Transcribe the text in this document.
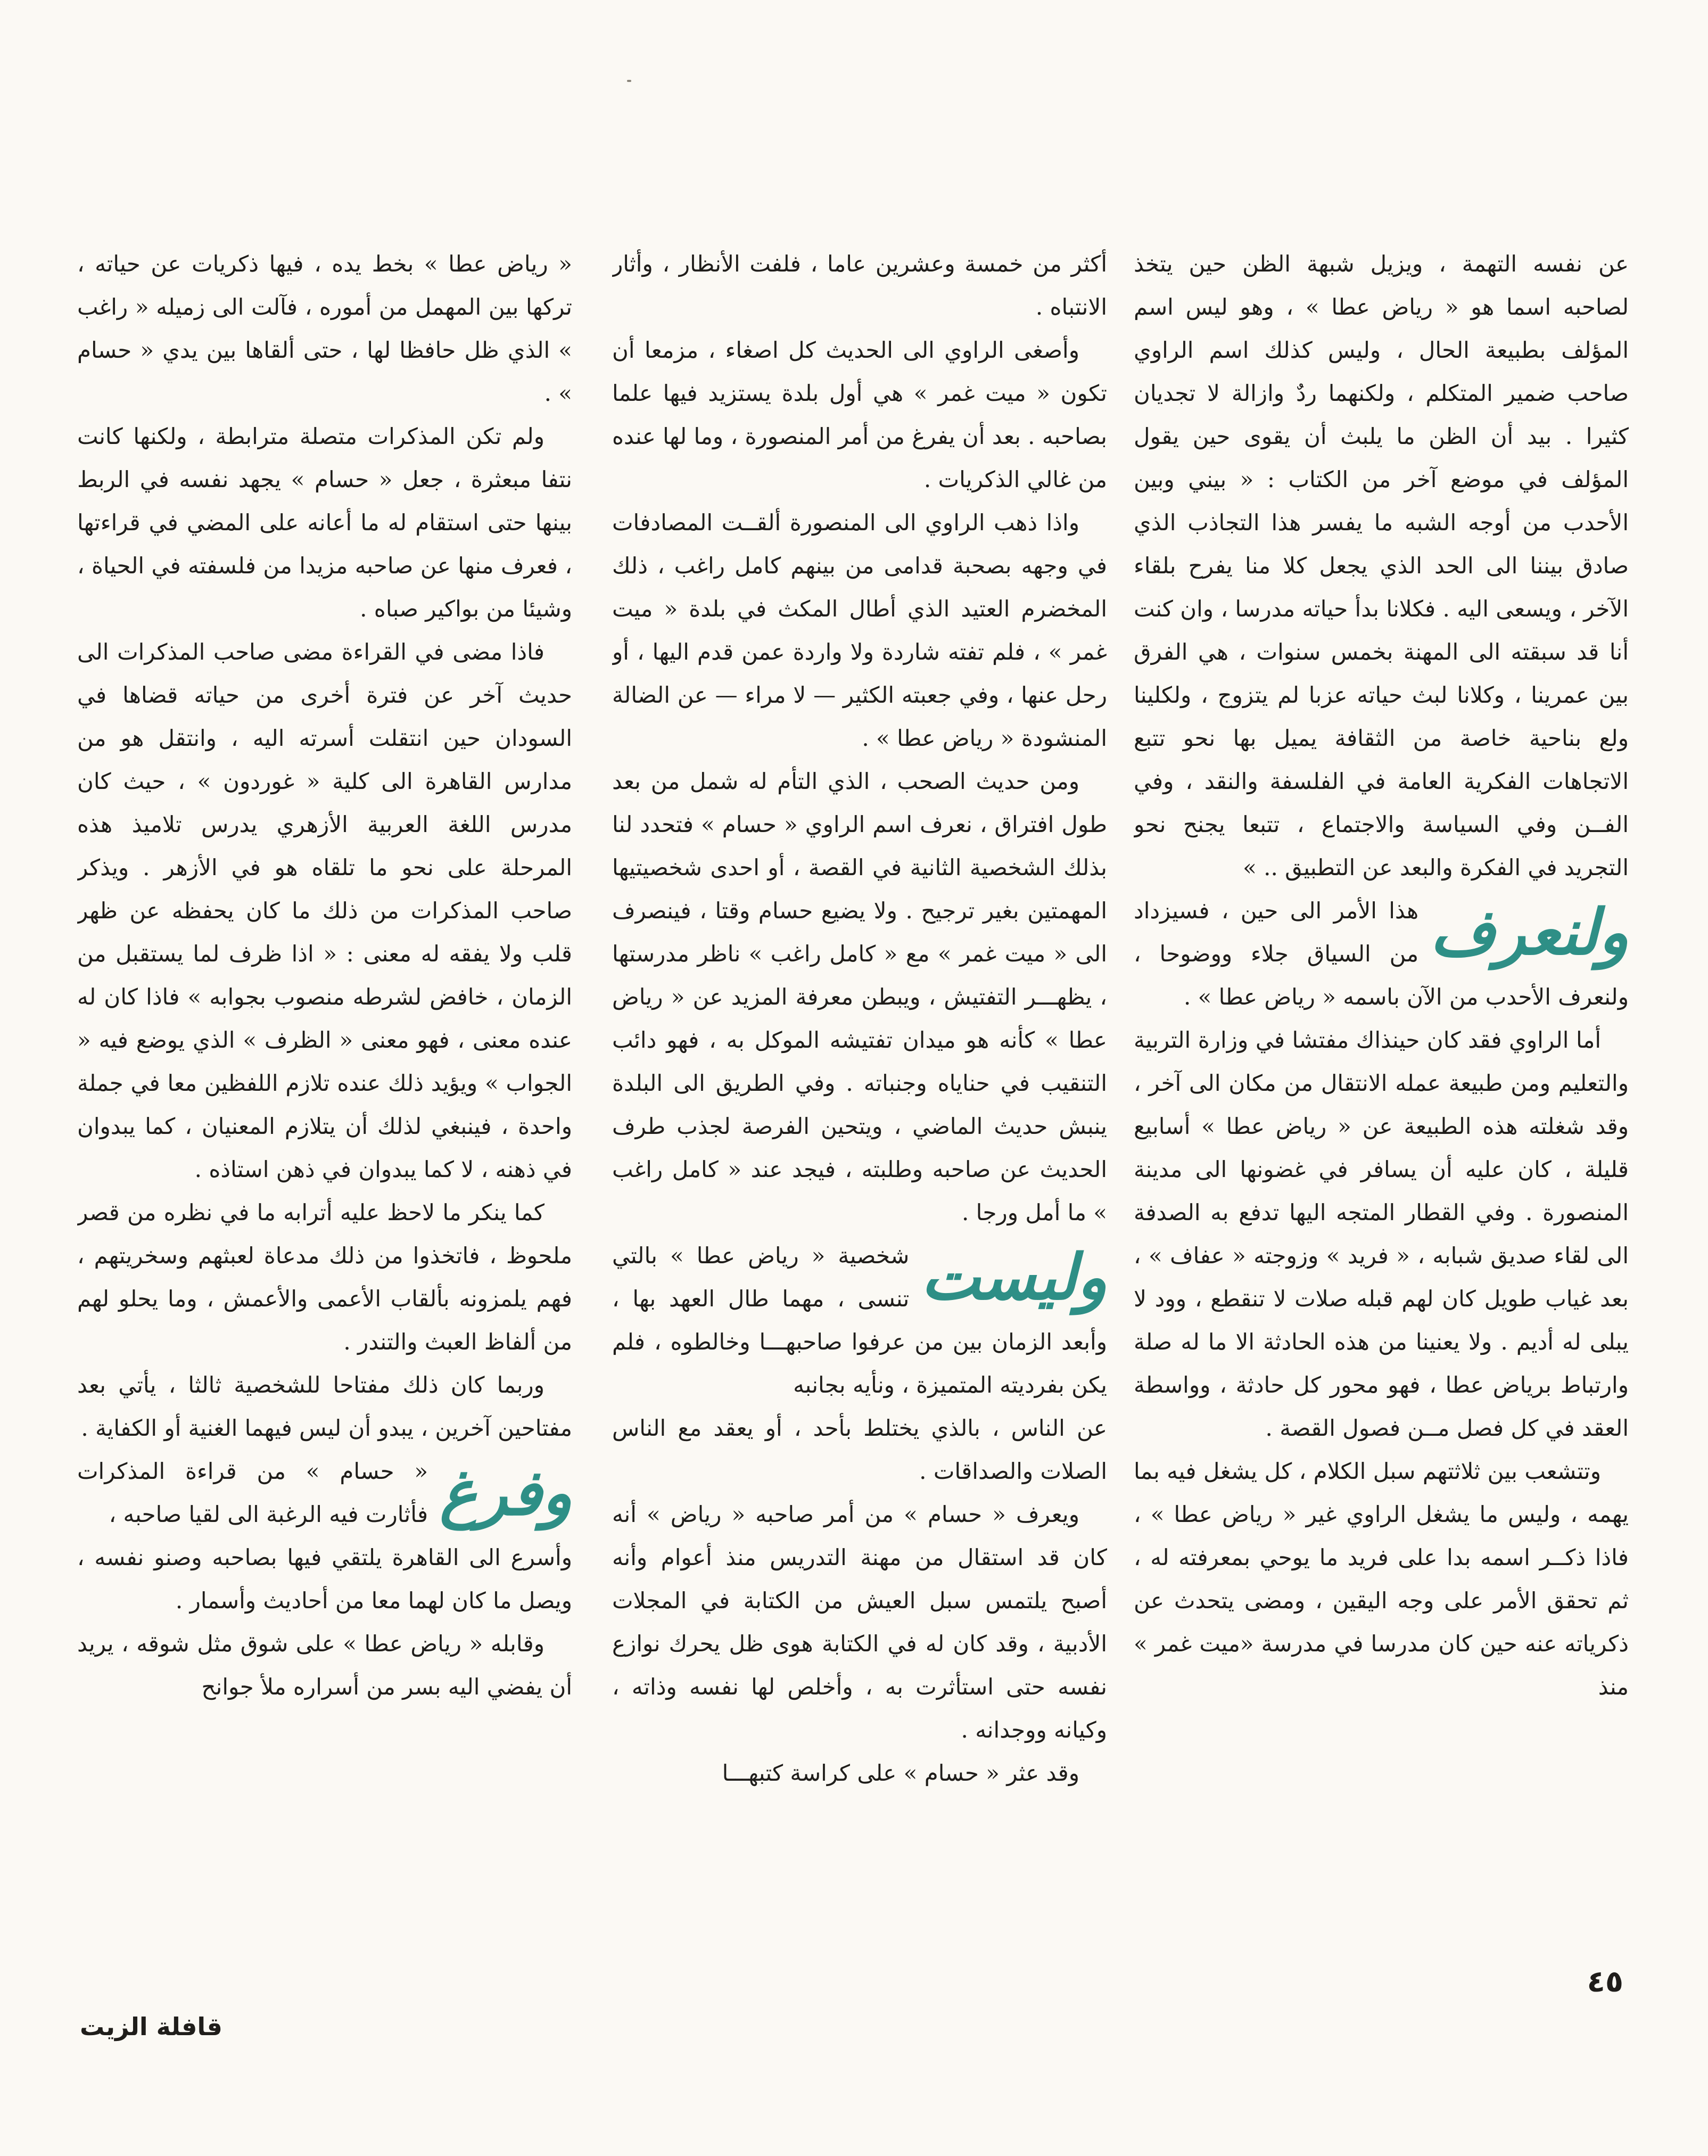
عن نفسه التهمة ، ويزيل شبهة الظن حين يتخذ لصاحبه اسما هو « رياض عطا » ، وهو ليس اسم المؤلف بطبيعة الحال ، وليس كذلك اسم الراوي صاحب ضمير المتكلم ، ولكنهما ردٌ وازالة لا تجديان كثيرا . بيد أن الظن ما يلبث أن يقوى حين يقول المؤلف في موضع آخر من الكتاب : « بيني وبين الأحدب من أوجه الشبه ما يفسر هذا التجاذب الذي صادق بيننا الى الحد الذي يجعل كلا منا يفرح بلقاء الآخر ، ويسعى اليه . فكلانا بدأ حياته مدرسا ، وان كنت أنا قد سبقته الى المهنة بخمس سنوات ، هي الفرق بين عمرينا ، وكلانا لبث حياته عزبا لم يتزوج ، ولكلينا ولع بناحية خاصة من الثقافة يميل بها نحو تتبع الاتجاهات الفكرية العامة في الفلسفة والنقد ، وفي الفــن وفي السياسة والاجتماع ، تتبعا يجنح نحو التجريد في الفكرة والبعد عن التطبيق .. »

ولنعرف
هذا الأمر الى حين ، فسيزداد من السياق جلاء ووضوحا ، ولنعرف الأحدب من الآن باسمه « رياض عطا » .

أما الراوي فقد كان حينذاك مفتشا في وزارة التربية والتعليم ومن طبيعة عمله الانتقال من مكان الى آخر ، وقد شغلته هذه الطبيعة عن « رياض عطا » أسابيع قليلة ، كان عليه أن يسافر في غضونها الى مدينة المنصورة . وفي القطار المتجه اليها تدفع به الصدفة الى لقاء صديق شبابه ، « فريد » وزوجته « عفاف » ، بعد غياب طويل كان لهم قبله صلات لا تنقطع ، وود لا يبلى له أديم . ولا يعنينا من هذه الحادثة الا ما له صلة وارتباط برياض عطا ، فهو محور كل حادثة ، وواسطة العقد في كل فصل مــن فصول القصة .

وتتشعب بين ثلاثتهم سبل الكلام ، كل يشغل فيه بما يهمه ، وليس ما يشغل الراوي غير « رياض عطا » ، فاذا ذكــر اسمه بدا على فريد ما يوحي بمعرفته له ، ثم تحقق الأمر على وجه اليقين ، ومضى يتحدث عن ذكرياته عنه حين كان مدرسا في مدرسة «ميت غمر » منذ

أكثر من خمسة وعشرين عاما ، فلفت الأنظار ، وأثار الانتباه .

وأصغى الراوي الى الحديث كل اصغاء ، مزمعا أن تكون « ميت غمر » هي أول بلدة يستزيد فيها علما بصاحبه . بعد أن يفرغ من أمر المنصورة ، وما لها عنده من غالي الذكريات .

واذا ذهب الراوي الى المنصورة ألقــت المصادفات في وجهه بصحبة قدامى من بينهم كامل راغب ، ذلك المخضرم العتيد الذي أطال المكث في بلدة « ميت غمر » ، فلم تفته شاردة ولا واردة عمن قدم اليها ، أو رحل عنها ، وفي جعبته الكثير — لا مراء — عن الضالة المنشودة « رياض عطا » .

ومن حديث الصحب ، الذي التأم له شمل من بعد طول افتراق ، نعرف اسم الراوي « حسام » فتحدد لنا بذلك الشخصية الثانية في القصة ، أو احدى شخصيتيها المهمتين بغير ترجيح . ولا يضيع حسام وقتا ، فينصرف الى « ميت غمر » مع « كامل راغب » ناظر مدرستها ، يظهـــر التفتيش ، ويبطن معرفة المزيد عن « رياض عطا » كأنه هو ميدان تفتيشه الموكل به ، فهو دائب التنقيب في حناياه وجنباته . وفي الطريق الى البلدة ينبش حديث الماضي ، ويتحين الفرصة لجذب طرف الحديث عن صاحبه وطلبته ، فيجد عند « كامل راغب » ما أمل ورجا .

وليست
شخصية « رياض عطا » بالتي تنسى ، مهما طال العهد بها ، وأبعد الزمان بين من عرفوا صاحبهـــا وخالطوه ، فلم يكن بفرديته المتميزة ، ونأيه بجانبه

عن الناس ، بالذي يختلط بأحد ، أو يعقد مع الناس الصلات والصداقات .

ويعرف « حسام » من أمر صاحبه « رياض » أنه كان قد استقال من مهنة التدريس منذ أعوام وأنه أصبح يلتمس سبل العيش من الكتابة في المجلات الأدبية ، وقد كان له في الكتابة هوى ظل يحرك نوازع نفسه حتى استأثرت به ، وأخلص لها نفسه وذاته ، وكيانه ووجدانه .

وقد عثر « حسام » على كراسة كتبهـــا

« رياض عطا » بخط يده ، فيها ذكريات عن حياته ، تركها بين المهمل من أموره ، فآلت الى زميله « راغب » الذي ظل حافظا لها ، حتى ألقاها بين يدي « حسام » .

ولم تكن المذكرات متصلة مترابطة ، ولكنها كانت نتفا مبعثرة ، جعل « حسام » يجهد نفسه في الربط بينها حتى استقام له ما أعانه على المضي في قراءتها ، فعرف منها عن صاحبه مزيدا من فلسفته في الحياة ، وشيئا من بواكير صباه .

فاذا مضى في القراءة مضى صاحب المذكرات الى حديث آخر عن فترة أخرى من حياته قضاها في السودان حين انتقلت أسرته اليه ، وانتقل هو من مدارس القاهرة الى كلية « غوردون » ، حيث كان مدرس اللغة العربية الأزهري يدرس تلاميذ هذه المرحلة على نحو ما تلقاه هو في الأزهر . ويذكر صاحب المذكرات من ذلك ما كان يحفظه عن ظهر قلب ولا يفقه له معنى : « اذا ظرف لما يستقبل من الزمان ، خافض لشرطه منصوب بجوابه » فاذا كان له عنده معنى ، فهو معنى « الظرف » الذي يوضع فيه « الجواب » ويؤيد ذلك عنده تلازم اللفظين معا في جملة واحدة ، فينبغي لذلك أن يتلازم المعنيان ، كما يبدوان في ذهنه ، لا كما يبدوان في ذهن استاذه .

كما ينكر ما لاحظ عليه أترابه ما في نظره من قصر ملحوظ ، فاتخذوا من ذلك مدعاة لعبثهم وسخريتهم ، فهم يلمزونه بألقاب الأعمى والأعمش ، وما يحلو لهم من ألفاظ العبث والتندر .

وربما كان ذلك مفتاحا للشخصية ثالثا ، يأتي بعد مفتاحين آخرين ، يبدو أن ليس فيهما الغنية أو الكفاية .

وفرغ
« حسام » من قراءة المذكرات فأثارت فيه الرغبة الى لقيا صاحبه ،

وأسرع الى القاهرة يلتقي فيها بصاحبه وصنو نفسه ، ويصل ما كان لهما معا من أحاديث وأسمار .

وقابله « رياض عطا » على شوق مثل شوقه ، يريد أن يفضي اليه بسر من أسراره ملأ جوانح

٤٥
قافلة الزيت
